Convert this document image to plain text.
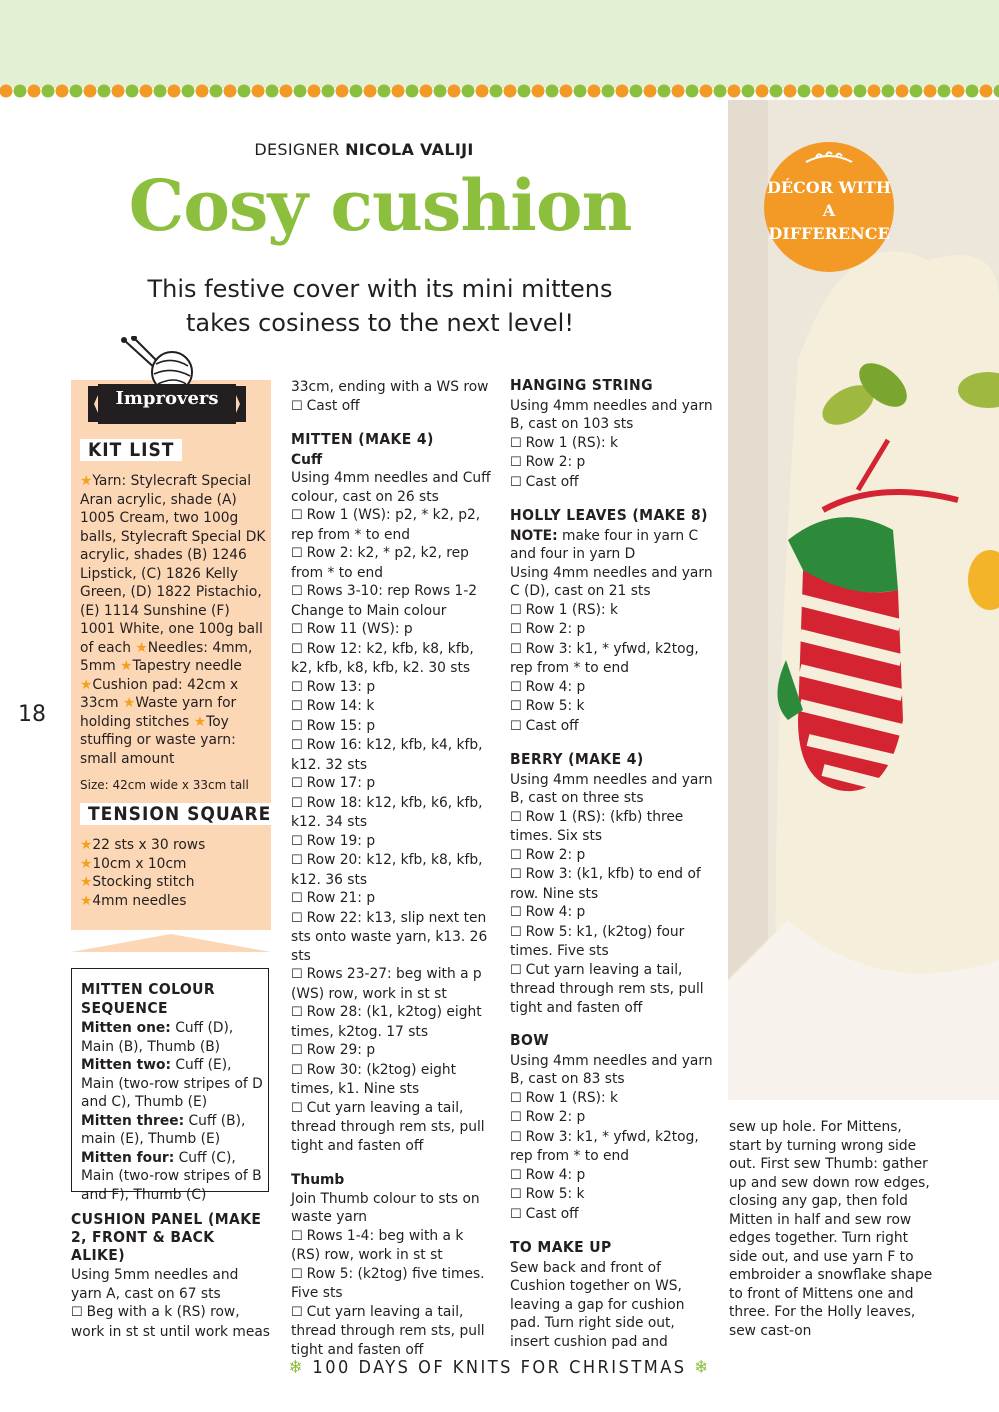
DÉCOR WITH
A DIFFERENCE
DESIGNER NICOLA VALIJI
Cosy cushion
This festive cover with its mini mittens
takes cosiness to the next level!
Improvers
KIT LIST

★Yarn: Stylecraft Special Aran acrylic, shade (A) 1005 Cream, two 100g balls, Stylecraft Special DK acrylic, shades (B) 1246 Lipstick, (C) 1826 Kelly Green, (D) 1822 Pistachio, (E) 1114 Sunshine (F) 1001 White, one 100g ball of each ★Needles: 4mm, 5mm ★Tapestry needle ★Cushion pad: 42cm x 33cm ★Waste yarn for holding stitches ★Toy stuffing or waste yarn: small amount

Size: 42cm wide x 33cm tall

TENSION SQUARE

★22 sts x 30 rows

★10cm x 10cm

★Stocking stitch

★4mm needles

MITTEN COLOUR SEQUENCE

Mitten one: Cuff (D), Main (B), Thumb (B)

Mitten two: Cuff (E), Main (two-row stripes of D and C), Thumb (E)

Mitten three: Cuff (B), main (E), Thumb (E)

Mitten four: Cuff (C), Main (two-row stripes of B and F), Thumb (C)

CUSHION PANEL (MAKE 2, FRONT & BACK ALIKE)

Using 5mm needles and yarn A, cast on 67 sts

☐ Beg with a k (RS) row, work in st st until work meas

33cm, ending with a WS row

☐ Cast off

MITTEN (MAKE 4)

Cuff

Using 4mm needles and Cuff colour, cast on 26 sts

☐ Row 1 (WS): p2, * k2, p2, rep from * to end

☐ Row 2: k2, * p2, k2, rep from * to end

☐ Rows 3-10: rep Rows 1-2

Change to Main colour

☐ Row 11 (WS): p

☐ Row 12: k2, kfb, k8, kfb, k2, kfb, k8, kfb, k2. 30 sts

☐ Row 13: p

☐ Row 14: k

☐ Row 15: p

☐ Row 16: k12, kfb, k4, kfb, k12. 32 sts

☐ Row 17: p

☐ Row 18: k12, kfb, k6, kfb, k12. 34 sts

☐ Row 19: p

☐ Row 20: k12, kfb, k8, kfb, k12. 36 sts

☐ Row 21: p

☐ Row 22: k13, slip next ten sts onto waste yarn, k13. 26 sts

☐ Rows 23-27: beg with a p (WS) row, work in st st

☐ Row 28: (k1, k2tog) eight times, k2tog. 17 sts

☐ Row 29: p

☐ Row 30: (k2tog) eight times, k1. Nine sts

☐ Cut yarn leaving a tail, thread through rem sts, pull tight and fasten off

Thumb

Join Thumb colour to sts on waste yarn

☐ Rows 1-4: beg with a k (RS) row, work in st st

☐ Row 5: (k2tog) five times. Five sts

☐ Cut yarn leaving a tail, thread through rem sts, pull tight and fasten off

HANGING STRING

Using 4mm needles and yarn B, cast on 103 sts

☐ Row 1 (RS): k

☐ Row 2: p

☐ Cast off

HOLLY LEAVES (MAKE 8)

NOTE: make four in yarn C and four in yarn D

Using 4mm needles and yarn C (D), cast on 21 sts

☐ Row 1 (RS): k

☐ Row 2: p

☐ Row 3: k1, * yfwd, k2tog, rep from * to end

☐ Row 4: p

☐ Row 5: k

☐ Cast off

BERRY (MAKE 4)

Using 4mm needles and yarn B, cast on three sts

☐ Row 1 (RS): (kfb) three times. Six sts

☐ Row 2: p

☐ Row 3: (k1, kfb) to end of row. Nine sts

☐ Row 4: p

☐ Row 5: k1, (k2tog) four times. Five sts

☐ Cut yarn leaving a tail, thread through rem sts, pull tight and fasten off

BOW

Using 4mm needles and yarn B, cast on 83 sts

☐ Row 1 (RS): k

☐ Row 2: p

☐ Row 3: k1, * yfwd, k2tog, rep from * to end

☐ Row 4: p

☐ Row 5: k

☐ Cast off

TO MAKE UP

Sew back and front of Cushion together on WS, leaving a gap for cushion pad. Turn right side out, insert cushion pad and

sew up hole. For Mittens, start by turning wrong side out. First sew Thumb: gather up and sew down row edges, closing any gap, then fold Mitten in half and sew row edges together. Turn right side out, and use yarn F to embroider a snowflake shape to front of Mittens one and three. For the Holly leaves, sew cast-on

18
❄ 100 DAYS OF KNITS FOR CHRISTMAS ❄
